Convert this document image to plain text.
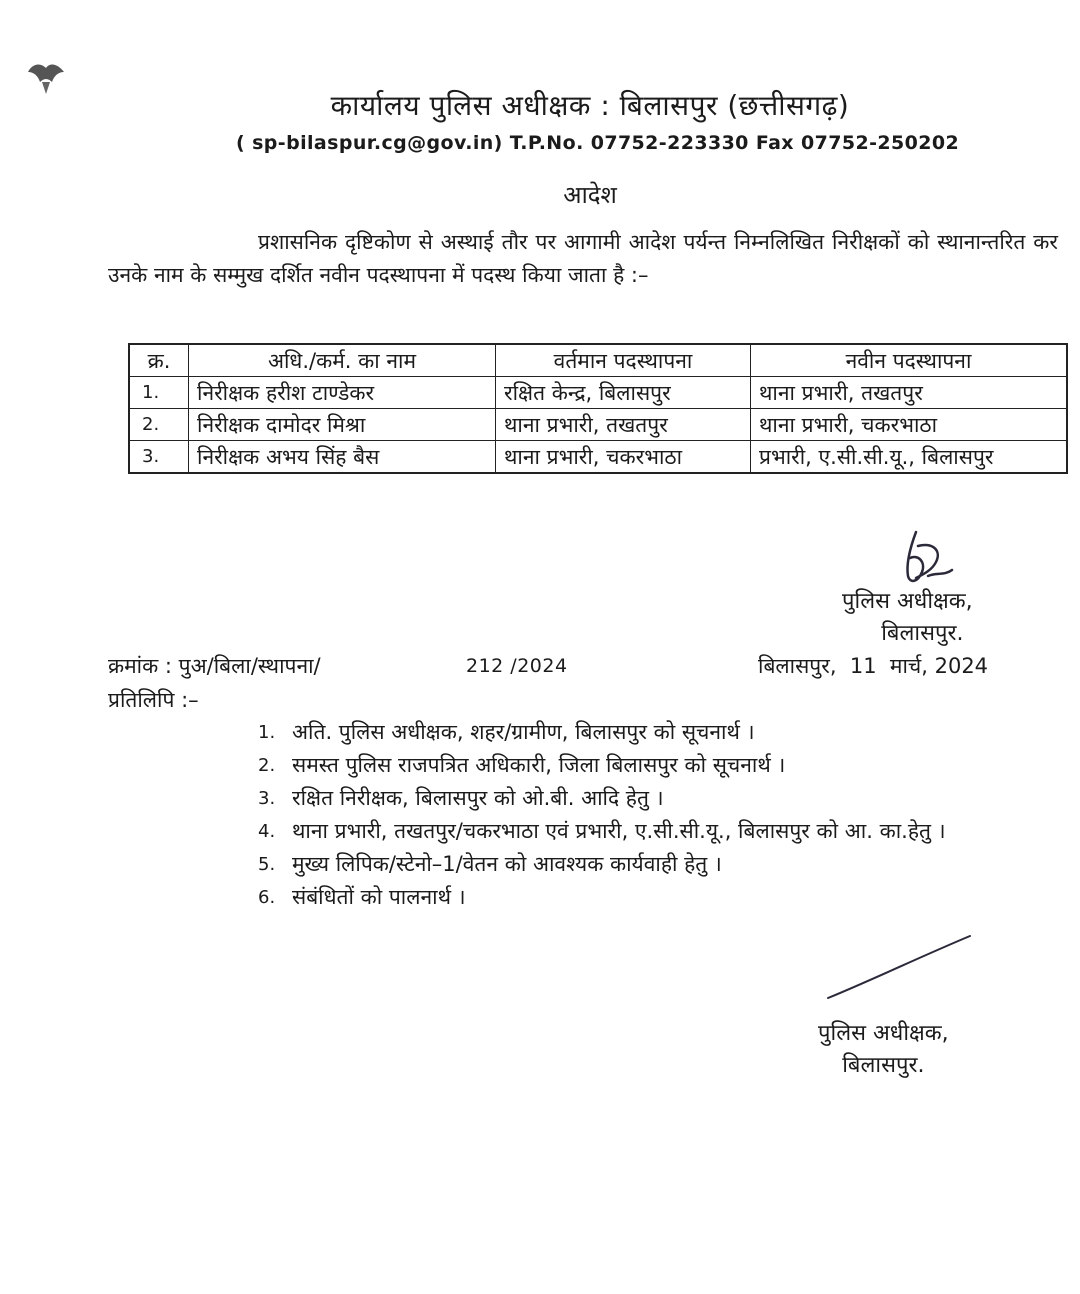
कार्यालय पुलिस अधीक्षक : बिलासपुर (छत्तीसगढ़)
( sp-bilaspur.cg@gov.in) T.P.No. 07752-223330 Fax 07752-250202
आदेश
प्रशासनिक दृष्टिकोण से अस्थाई तौर पर आगामी आदेश पर्यन्त निम्नलिखित निरीक्षकों को स्थानान्तरित कर उनके नाम के सम्मुख दर्शित नवीन पदस्थापना में पदस्थ किया जाता है :–
क्र.	अधि./कर्म. का नाम	वर्तमान पदस्थापना	नवीन पदस्थापना
1.	निरीक्षक हरीश टाण्डेकर	रक्षित केन्द्र, बिलासपुर	थाना प्रभारी, तखतपुर
2.	निरीक्षक दामोदर मिश्रा	थाना प्रभारी, तखतपुर	थाना प्रभारी, चकरभाठा
3.	निरीक्षक अभय सिंह बैस	थाना प्रभारी, चकरभाठा	प्रभारी, ए.सी.सी.यू., बिलासपुर
पुलिस अधीक्षक,
बिलासपुर.
क्रमांक : पुअ/बिला/स्थापना/	212 /2024	बिलासपुर,  11  मार्च, 2024
प्रतिलिपि :–
1. अति. पुलिस अधीक्षक, शहर/ग्रामीण, बिलासपुर को सूचनार्थ ।
2. समस्त पुलिस राजपत्रित अधिकारी, जिला बिलासपुर को सूचनार्थ ।
3. रक्षित निरीक्षक, बिलासपुर को ओ.बी. आदि हेतु ।
4. थाना प्रभारी, तखतपुर/चकरभाठा एवं प्रभारी, ए.सी.सी.यू., बिलासपुर को आ. का.हेतु ।
5. मुख्य लिपिक/स्टेनो–1/वेतन को आवश्यक कार्यवाही हेतु ।
6. संबंधितों को पालनार्थ ।
पुलिस अधीक्षक,
बिलासपुर.
